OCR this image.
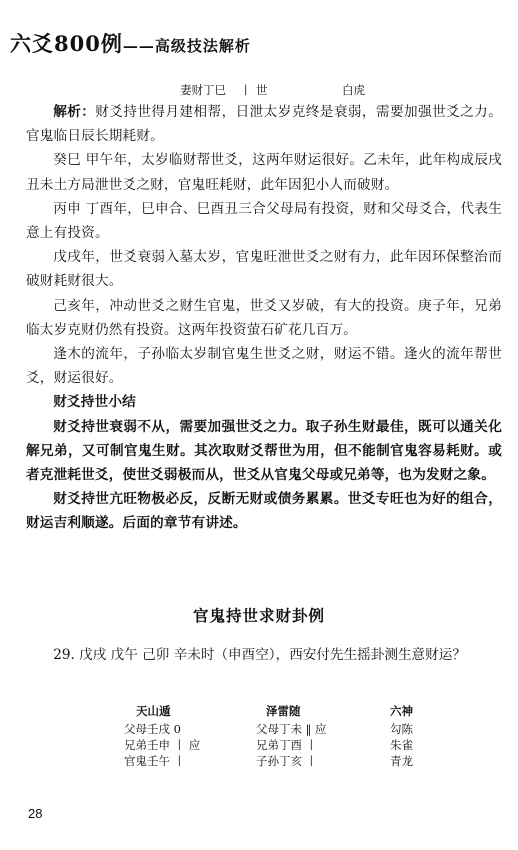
六爻800例——高级技法解析
妻财丁巳 丨 世	白虎

解析：财爻持世得月建相帮，日泄太岁克终是衰弱，需要加强世爻之力。官鬼临日辰长期耗财。

癸巳 甲午年，太岁临财帮世爻，这两年财运很好。乙未年，此年构成辰戌丑未土方局泄世爻之财，官鬼旺耗财，此年因犯小人而破财。

丙申 丁酉年，巳申合、巳酉丑三合父母局有投资，财和父母爻合，代表生意上有投资。

戊戌年，世爻衰弱入墓太岁，官鬼旺泄世爻之财有力，此年因环保整治而破财耗财很大。

己亥年，冲动世爻之财生官鬼，世爻又岁破，有大的投资。庚子年，兄弟临太岁克财仍然有投资。这两年投资萤石矿花几百万。

逢木的流年，子孙临太岁制官鬼生世爻之财，财运不错。逢火的流年帮世爻，财运很好。

财爻持世小结

财爻持世衰弱不从，需要加强世爻之力。取子孙生财最佳，既可以通关化解兄弟，又可制官鬼生财。其次取财爻帮世为用，但不能制官鬼容易耗财。或者克泄耗世爻，使世爻弱极而从，世爻从官鬼父母或兄弟等，也为发财之象。

财爻持世亢旺物极必反，反断无财或债务累累。世爻专旺也为好的组合，财运吉利顺遂。后面的章节有讲述。

官鬼持世求财卦例

29. 戊戌 戊午 己卯 辛未时（申酉空），西安付先生摇卦测生意财运？

天山遁
父母壬戌 0
兄弟壬申 丨 应
官鬼壬午 丨
泽雷随
父母丁未 ‖ 应
兄弟丁酉 丨
子孙丁亥 丨
六神
勾陈
朱雀
青龙
28
